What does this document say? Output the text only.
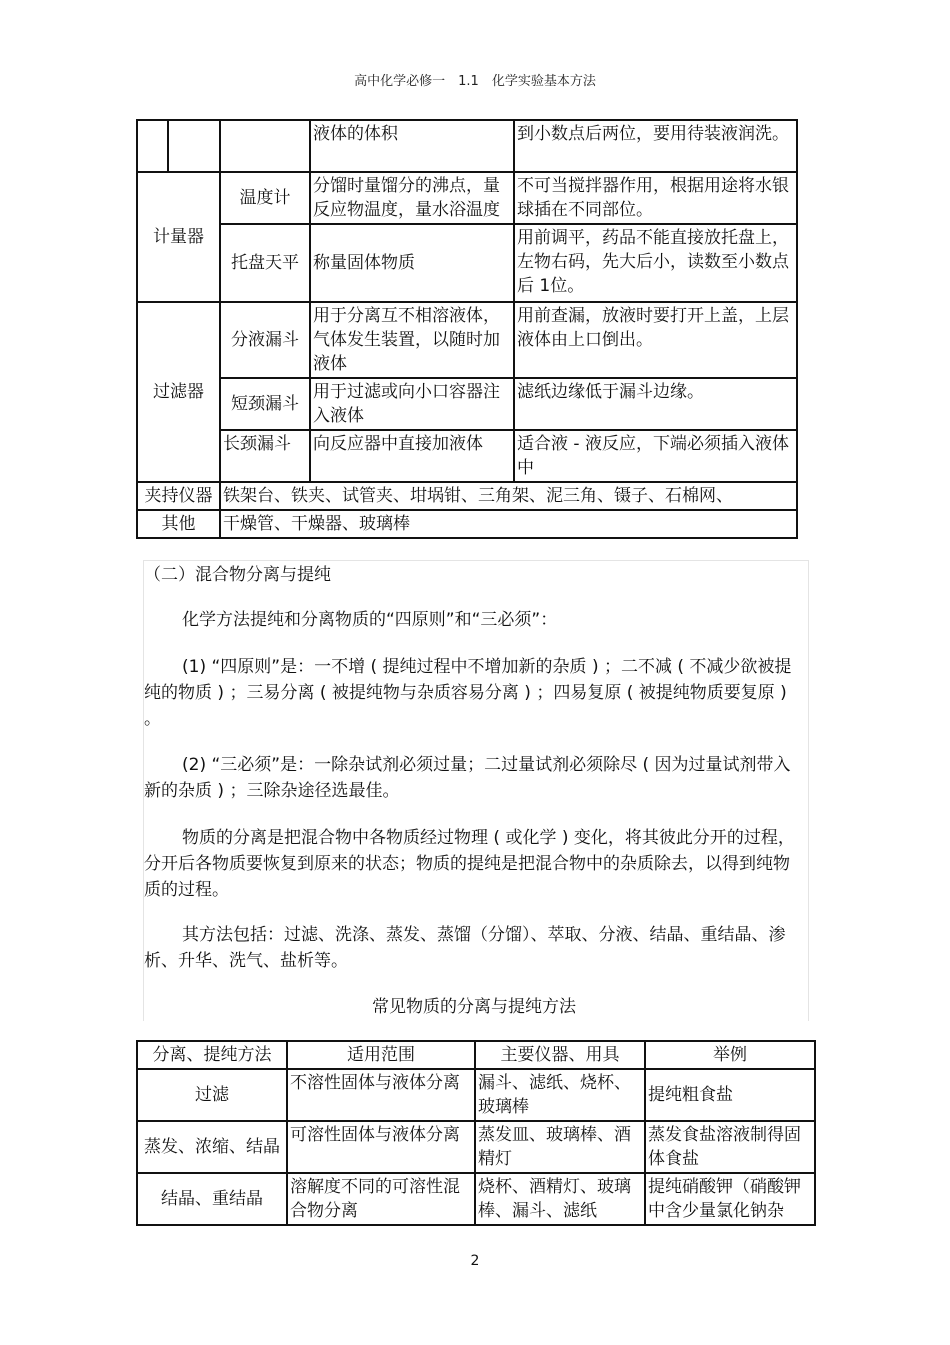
高中化学必修一　1.1　化学实验基本方法
			液体的体积	到小数点后两位，要用待装液润洗。
计量器		温度计	分馏时量馏分的沸点，量反应物温度，量水浴温度	不可当搅拌器作用，根据用途将水银球插在不同部位。
		托盘天平	称量固体物质	用前调平，药品不能直接放托盘上，左物右码，先大后小，读数至小数点后 1位。
过滤器		分液漏斗	用于分离互不相溶液体，气体发生装置，以随时加液体	用前查漏，放液时要打开上盖，上层液体由上口倒出。
		短颈漏斗	用于过滤或向小口容器注入液体	滤纸边缘低于漏斗边缘。
		长颈漏斗	向反应器中直接加液体	适合液 - 液反应，下端必须插入液体中
夹持仪器		铁架台、铁夹、试管夹、坩埚钳、三角架、泥三角、镊子、石棉网、		
其他		干燥管、干燥器、玻璃棒		
（二）混合物分离与提纯
化学方法提纯和分离物质的“四原则”和“三必须”：
(1) “四原则”是：一不增 ( 提纯过程中不增加新的杂质 ) ；二不减 ( 不减少欲被提纯的物质 ) ；三易分离 ( 被提纯物与杂质容易分离 ) ；四易复原 ( 被提纯物质要复原 ) 。
(2) “三必须”是：一除杂试剂必须过量；二过量试剂必须除尽 ( 因为过量试剂带入新的杂质 ) ；三除杂途径选最佳。
物质的分离是把混合物中各物质经过物理 ( 或化学 ) 变化，将其彼此分开的过程，分开后各物质要恢复到原来的状态；物质的提纯是把混合物中的杂质除去，以得到纯物质的过程。
其方法包括：过滤、洗涤、蒸发、蒸馏（分馏）、萃取、分液、结晶、重结晶、渗析、升华、洗气、盐析等。
常见物质的分离与提纯方法
分离、提纯方法	适用范围	主要仪器、用具	举例
过滤	不溶性固体与液体分离	漏斗、滤纸、烧杯、玻璃棒	提纯粗食盐
蒸发、浓缩、结晶	可溶性固体与液体分离	蒸发皿、玻璃棒、酒精灯	蒸发食盐溶液制得固体食盐
结晶、重结晶	溶解度不同的可溶性混合物分离	烧杯、酒精灯、玻璃棒、漏斗、滤纸	提纯硝酸钾（硝酸钾中含少量氯化钠杂
2
